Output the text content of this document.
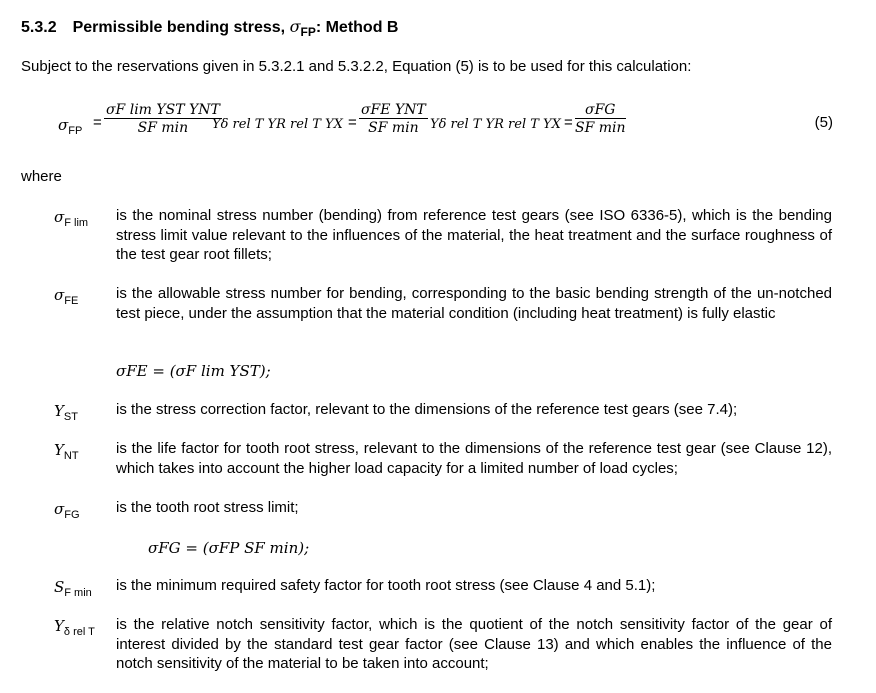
5.3.2 Permissible bending stress, $\sigma_{FP}$: Method B
Subject to the reservations given in 5.3.2.1 and 5.3.2.2, Equation (5) is to be used for this calculation:
$\sigma_{FP}$ =
σF lim YST YNT
SF min	Yδ rel T YR rel T YX =
σFE YNT
SF min Yδ rel T YR rel T YX =
σFG
SF min	(5)
where
$\sigma_{F lim}$ is the nominal stress number (bending) from reference test gears (see ISO 6336-5), which is the bending stress limit value relevant to the influences of the material, the heat treatment and the surface roughness of the test gear root fillets;
$\sigma_{FE}$	is the allowable stress number for bending, corresponding to the basic bending strength of the un-notched test piece, under the assumption that the material condition (including heat treatment) is fully elastic
σFE = (σF lim YST);
$Y_{ST}$	is the stress correction factor, relevant to the dimensions of the reference test gears (see 7.4);
$Y_{NT}$ is the life factor for tooth root stress, relevant to the dimensions of the reference test gear (see Clause 12), which takes into account the higher load capacity for a limited number of load cycles;
$\sigma_{FG}$ is the tooth root stress limit;
σFG = (σFP SF min);
$S_{F min}$ is the minimum required safety factor for tooth root stress (see Clause 4 and 5.1);
$Y_{\delta rel T}$ is the relative notch sensitivity factor, which is the quotient of the notch sensitivity factor of the gear of interest divided by the standard test gear factor (see Clause 13) and which enables the influence of the notch sensitivity of the material to be taken into account;
